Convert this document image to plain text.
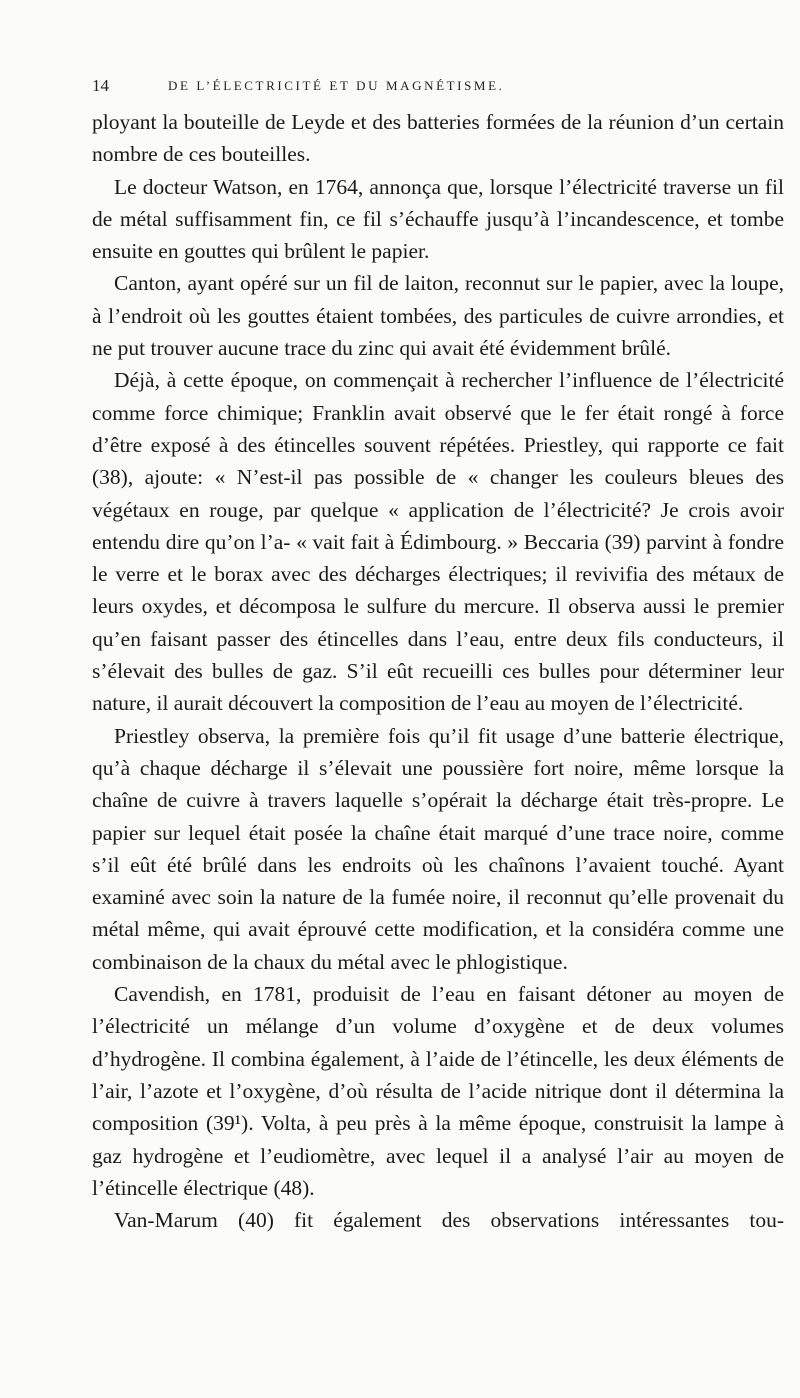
14	DE L’ÉLECTRICITÉ ET DU MAGNÉTISME.

ployant la bouteille de Leyde et des batteries formées de la réunion d’un certain nombre de ces bouteilles.

Le docteur Watson, en 1764, annonça que, lorsque l’électricité traverse un fil de métal suffisamment fin, ce fil s’échauffe jusqu’à l’incandescence, et tombe ensuite en gouttes qui brûlent le papier.

Canton, ayant opéré sur un fil de laiton, reconnut sur le papier, avec la loupe, à l’endroit où les gouttes étaient tombées, des particules de cuivre arrondies, et ne put trouver aucune trace du zinc qui avait été évidemment brûlé.

Déjà, à cette époque, on commençait à rechercher l’influence de l’électricité comme force chimique; Franklin avait observé que le fer était rongé à force d’être exposé à des étincelles souvent répétées. Priestley, qui rapporte ce fait (38), ajoute: « N’est-il pas possible de « changer les couleurs bleues des végétaux en rouge, par quelque « application de l’électricité? Je crois avoir entendu dire qu’on l’a- « vait fait à Édimbourg. » Beccaria (39) parvint à fondre le verre et le borax avec des décharges électriques; il revivifia des métaux de leurs oxydes, et décomposa le sulfure du mercure. Il observa aussi le premier qu’en faisant passer des étincelles dans l’eau, entre deux fils conducteurs, il s’élevait des bulles de gaz. S’il eût recueilli ces bulles pour déterminer leur nature, il aurait découvert la composition de l’eau au moyen de l’électricité.

Priestley observa, la première fois qu’il fit usage d’une batterie électrique, qu’à chaque décharge il s’élevait une poussière fort noire, même lorsque la chaîne de cuivre à travers laquelle s’opérait la décharge était très-propre. Le papier sur lequel était posée la chaîne était marqué d’une trace noire, comme s’il eût été brûlé dans les endroits où les chaînons l’avaient touché. Ayant examiné avec soin la nature de la fumée noire, il reconnut qu’elle provenait du métal même, qui avait éprouvé cette modification, et la considéra comme une combinaison de la chaux du métal avec le phlogistique.

Cavendish, en 1781, produisit de l’eau en faisant détoner au moyen de l’électricité un mélange d’un volume d’oxygène et de deux volumes d’hydrogène. Il combina également, à l’aide de l’étincelle, les deux éléments de l’air, l’azote et l’oxygène, d’où résulta de l’acide nitrique dont il détermina la composition (39¹). Volta, à peu près à la même époque, construisit la lampe à gaz hydrogène et l’eudiomètre, avec lequel il a analysé l’air au moyen de l’étincelle électrique (48).

Van-Marum (40) fit également des observations intéressantes tou-
